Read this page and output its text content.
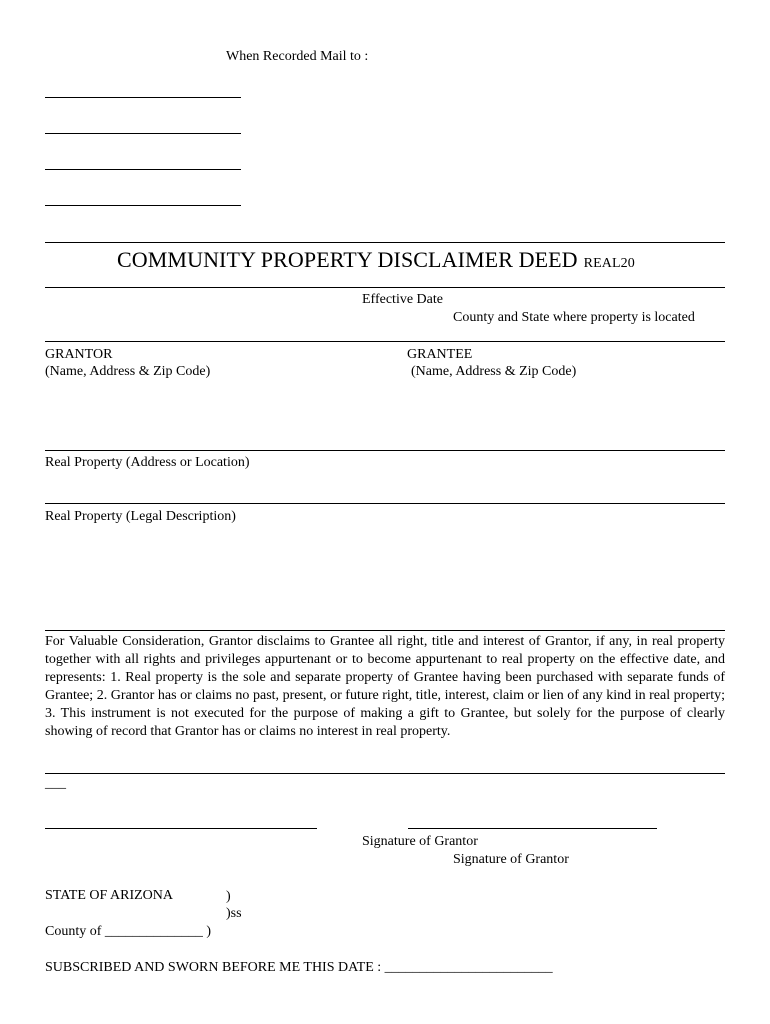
When Recorded Mail to :
COMMUNITY PROPERTY DISCLAIMER DEED REAL20
Effective Date
County and State where property is located
GRANTOR
(Name, Address & Zip Code)
GRANTEE
(Name, Address & Zip Code)
Real Property (Address or Location)
Real Property (Legal Description)
For Valuable Consideration, Grantor disclaims to Grantee all right, title and interest of Grantor, if any, in real property together with all rights and privileges appurtenant or to become appurtenant to real property on the effective date, and represents: 1. Real property is the sole and separate property of Grantee having been purchased with separate funds of Grantee; 2. Grantor has or claims no past, present, or future right, title, interest, claim or lien of any kind in real property; 3. This instrument is not executed for the purpose of making a gift to Grantee, but solely for the purpose of clearly showing of record that Grantor has or claims no interest in real property.
___
Signature of Grantor
Signature of Grantor
STATE OF ARIZONA	)
)ss
County of ______________ )
SUBSCRIBED AND SWORN BEFORE ME THIS DATE : ________________________
